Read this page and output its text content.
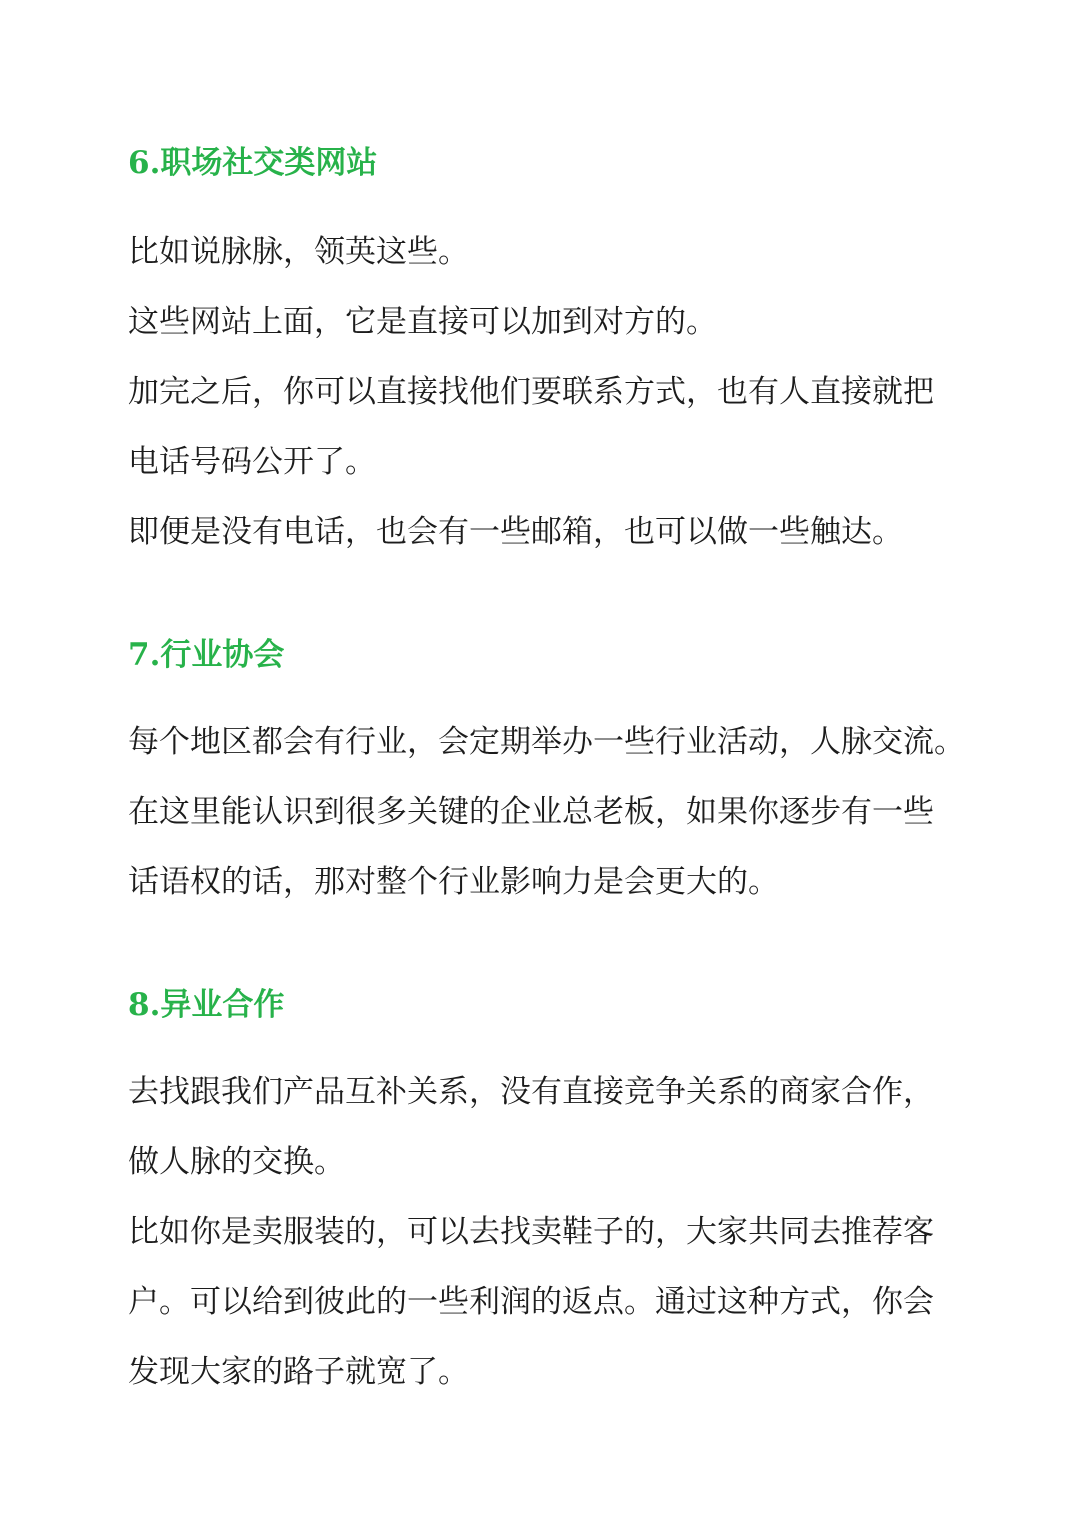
6.职场社交类网站
比如说脉脉，领英这些。
这些网站上面，它是直接可以加到对方的。
加完之后，你可以直接找他们要联系方式，也有人直接就把
电话号码公开了。
即便是没有电话，也会有一些邮箱，也可以做一些触达。
7.行业协会
每个地区都会有行业，会定期举办一些行业活动，人脉交流。
在这里能认识到很多关键的企业总老板，如果你逐步有一些
话语权的话，那对整个行业影响力是会更大的。
8.异业合作
去找跟我们产品互补关系，没有直接竞争关系的商家合作，
做人脉的交换。
比如你是卖服装的，可以去找卖鞋子的，大家共同去推荐客
户。可以给到彼此的一些利润的返点。通过这种方式，你会
发现大家的路子就宽了。
